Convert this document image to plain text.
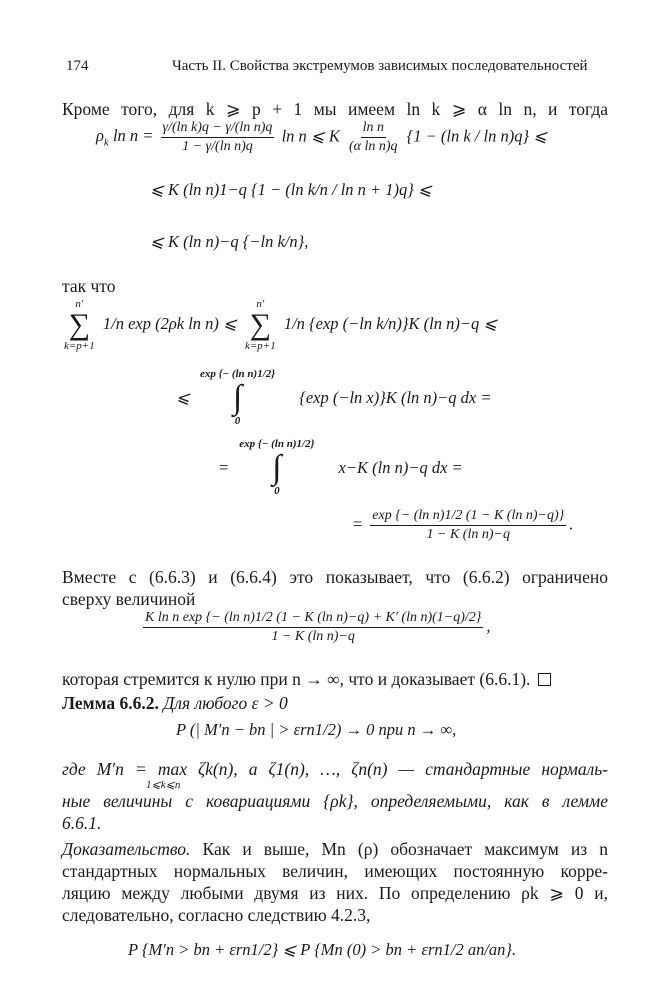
174	Часть II. Свойства экстремумов зависимых последовательностей
Кроме того, для k ⩾ p + 1 мы имеем ln k ⩾ α ln n, и тогда
$\rho_k$ $\ln n = \frac{\text{γ/(ln k)q − γ/(ln n)q}}{\text{1 − γ/(ln n)q}}$ ln n ⩽ K $\frac{\text{ln n}}{\text{(α ln n)q}} \{1 - (\ln$ k / ln n)q} ⩽
⩽ K (ln n)1−q {1 − (ln k/n / ln n + 1)q} ⩽
⩽ K (ln n)−q {−ln k/n},
так что
n′
∑
k=p+1
1/n exp (2ρk ln n) ⩽
n′
∑
k=p+1
1/n {exp (−ln k/n)}K (ln n)−q ⩽
⩽
exp {− (ln n)1/2}
∫
0
{exp (−ln x)}K (ln n)−q dx =
=
exp {− (ln n)1/2}
∫
0
x−K (ln n)−q dx =
= $\frac{\text{exp \{− (ln n)1/2 (1 − K (ln n)−q)\}}}{\text{1 − K (ln n)−q}}$ .
Вместе с (6.6.3) и (6.6.4) это показывает, что (6.6.2) ограничено
сверху величиной
$\frac{\text{K ln n exp \{− (ln n)1/2 (1 − K (ln n)−q) + K′ (ln n)(1−q)/2\}}}{\text{1 − K (ln n)−q}}$ ,
которая стремится к нулю при n → ∞, что и доказывает (6.6.1).
Лемма 6.6.2. Для любого ε > 0
P (| M′n − bn | > εrn1/2) → 0 при n → ∞,
где M′n = max ζk(n), а ζ1(n), …, ζn(n) — стандартные нормаль-
1⩽k⩽n
ные величины с ковариациями {ρk}, определяемыми, как в лемме
6.6.1.
Доказательство. Как и выше, Mn (ρ) обозначает максимум из n
стандартных нормальных величин, имеющих постоянную корре-
ляцию между любыми двумя из них. По определению ρk ⩾ 0 и,
следовательно, согласно следствию 4.2.3,
P {M′n > bn + εrn1/2} ⩽ P {Mn (0) > bn + εrn1/2 an/an}.
